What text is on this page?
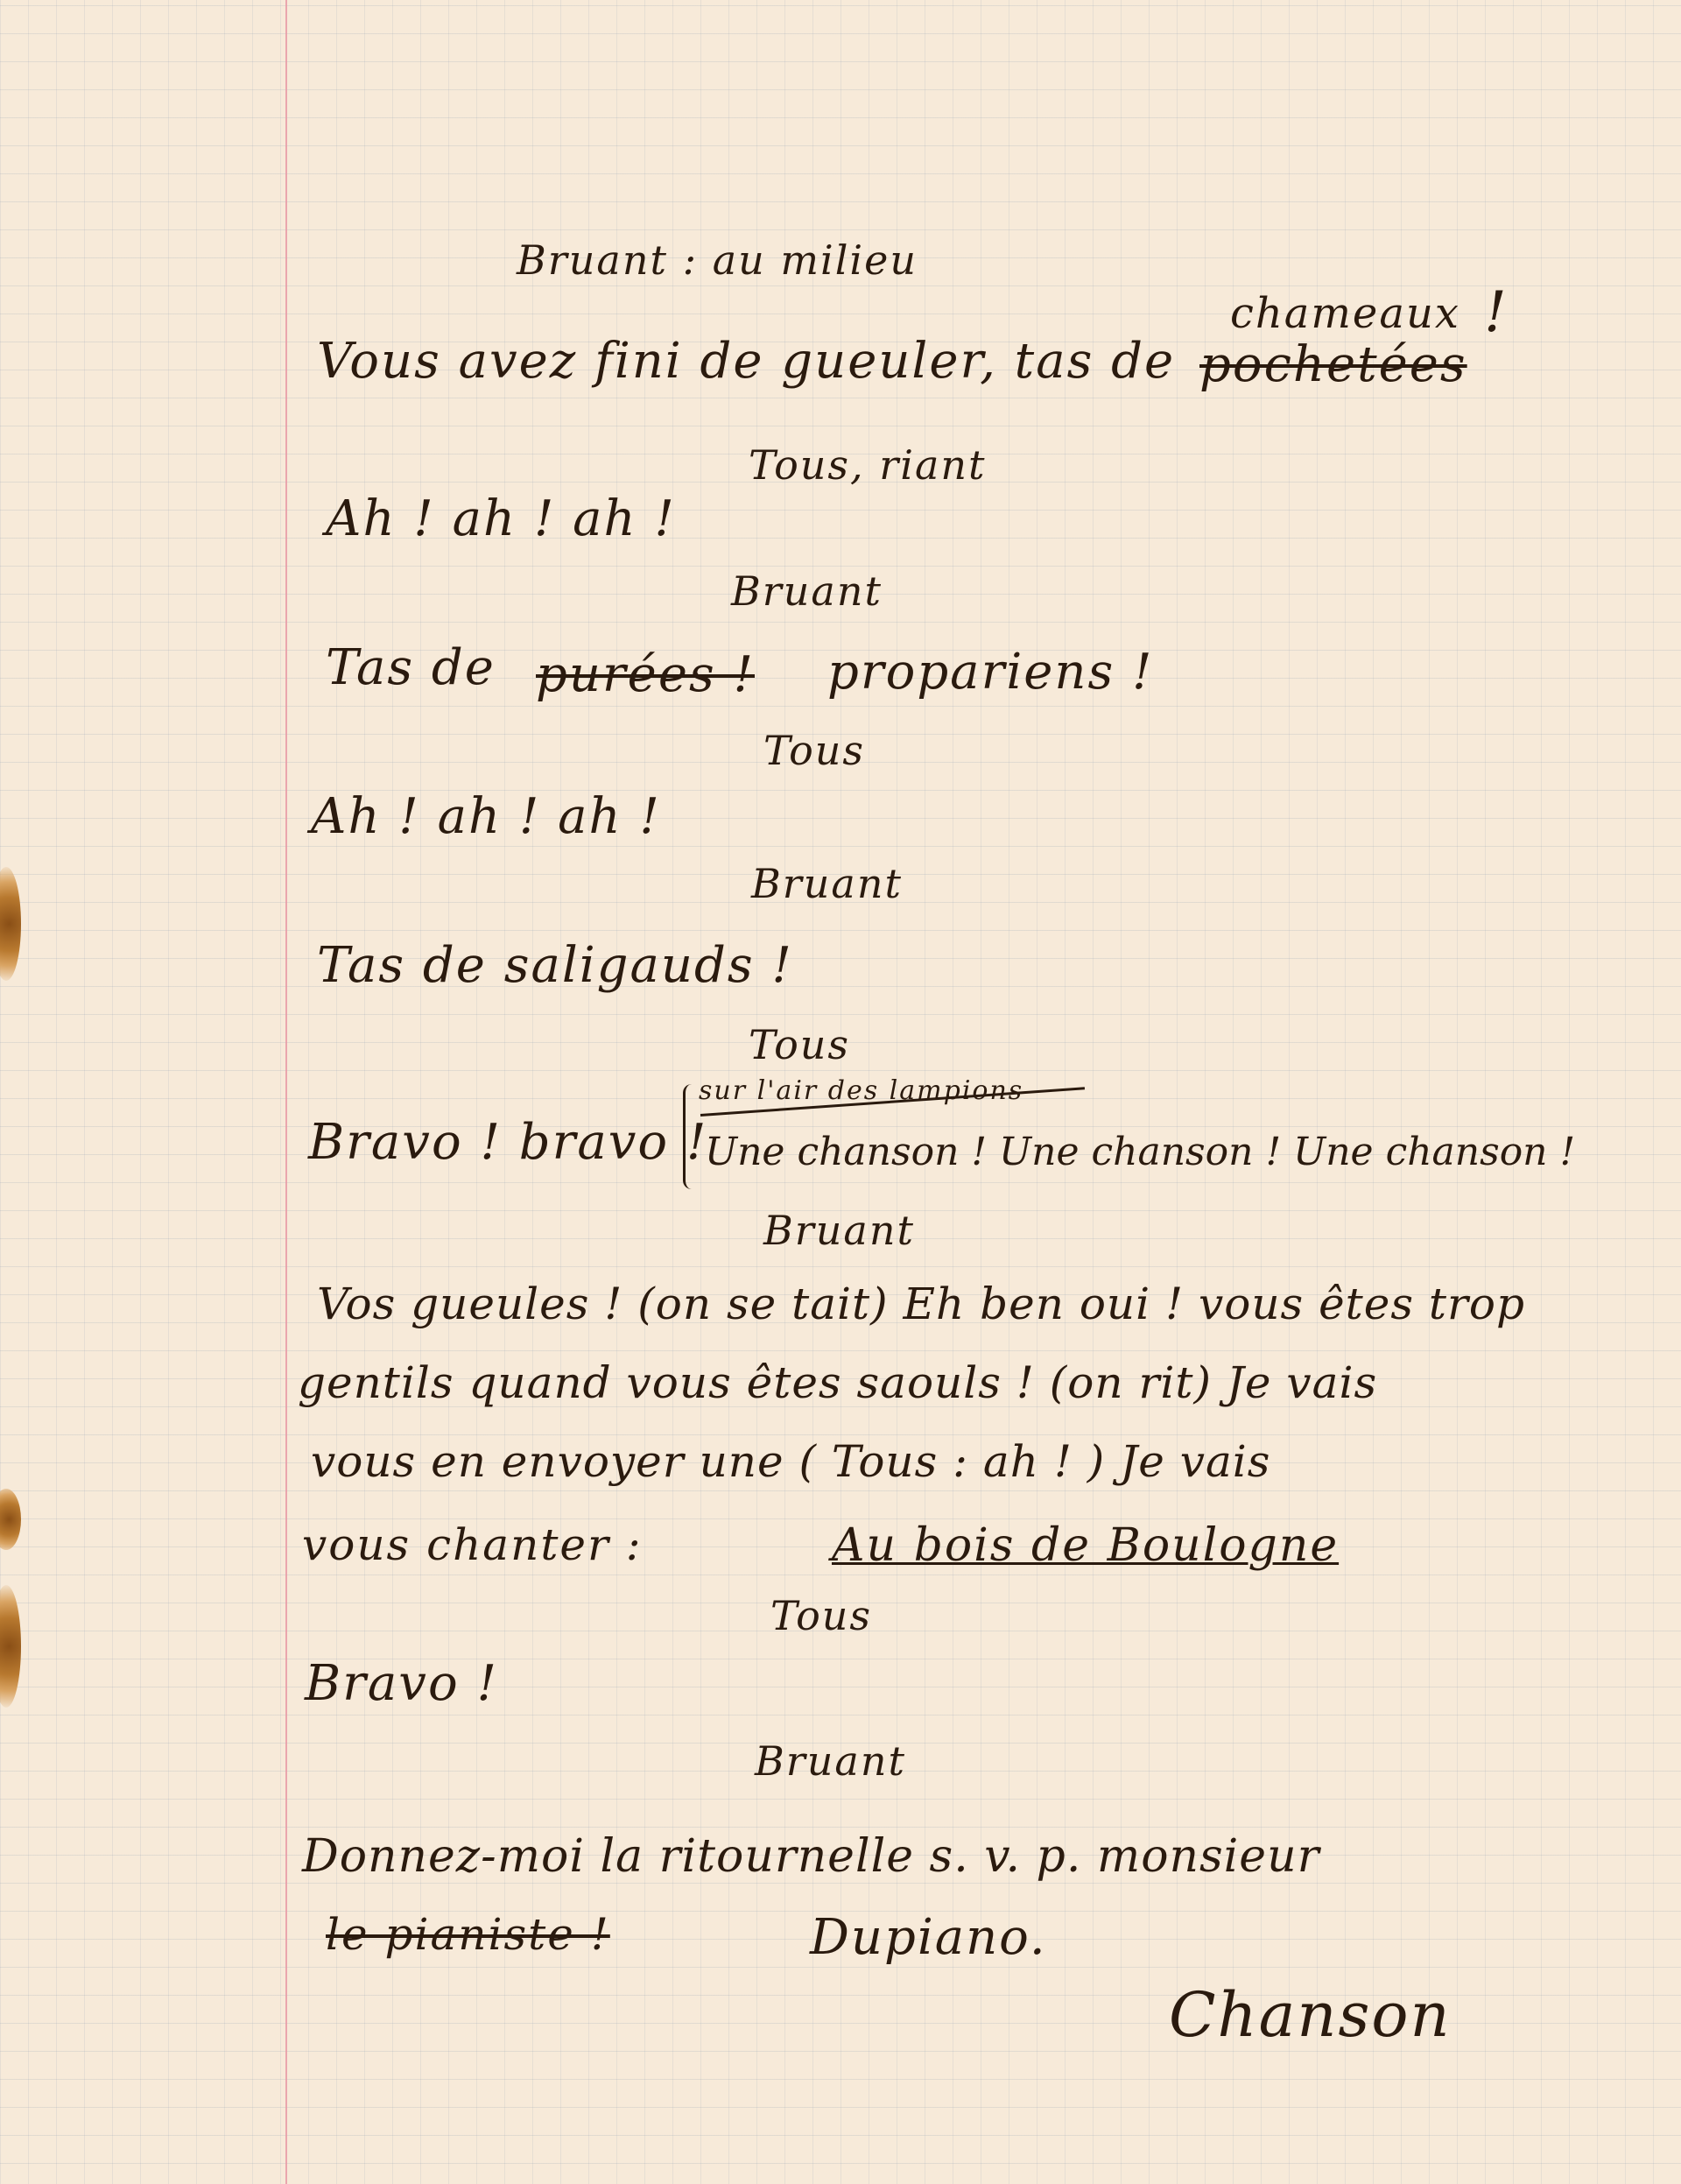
Bruant : au milieu
Vous avez fini de gueuler, tas de pochetées
chameaux !
Tous, riant
Ah ! ah ! ah !
Bruant
Tas de purées ! propariens !
Tous
Ah ! ah ! ah !
Bruant
Tas de saligauds !
Tous
Bravo ! bravo !
sur l'air des lampions
Une chanson ! Une chanson ! Une chanson !
Bruant
Vos gueules ! (on se tait) Eh ben oui ! vous êtes trop
gentils quand vous êtes saouls ! (on rit) Je vais
vous en envoyer une ( Tous : ah ! ) Je vais
vous chanter :	Au bois de Boulogne
Tous
Bravo !
Bruant
Donnez-moi la ritournelle s. v. p. monsieur
le pianiste !	Dupiano.
Chanson
